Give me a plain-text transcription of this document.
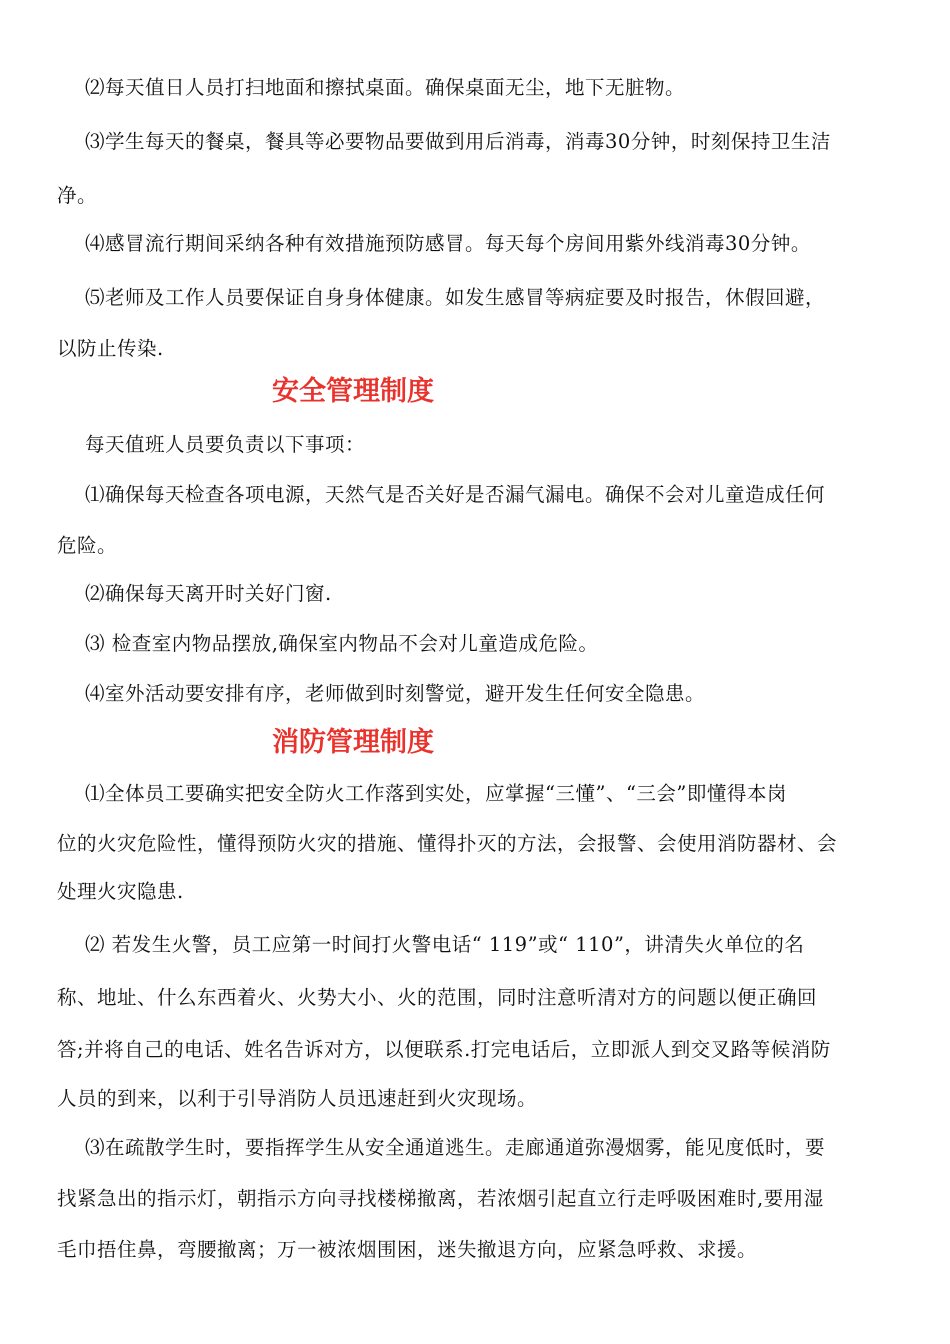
⑵每天值日人员打扫地面和擦拭桌面。确保桌面无尘，地下无脏物。

⑶学生每天的餐桌，餐具等必要物品要做到用后消毒，消毒30分钟，时刻保持卫生洁

净。

⑷感冒流行期间采纳各种有效措施预防感冒。每天每个房间用紫外线消毒30分钟。

⑸老师及工作人员要保证自身身体健康。如发生感冒等病症要及时报告，休假回避，

以防止传染.

安全管理制度

每天值班人员要负责以下事项：

⑴确保每天检查各项电源，天然气是否关好是否漏气漏电。确保不会对儿童造成任何

危险。

⑵确保每天离开时关好门窗.

⑶ 检查室内物品摆放,确保室内物品不会对儿童造成危险。

⑷室外活动要安排有序，老师做到时刻警觉，避开发生任何安全隐患。

消防管理制度

⑴全体员工要确实把安全防火工作落到实处，应掌握“三懂”、“三会”即懂得本岗

位的火灾危险性，懂得预防火灾的措施、懂得扑灭的方法，会报警、会使用消防器材、会

处理火灾隐患.

⑵ 若发生火警，员工应第一时间打火警电话“ 119”或“ 110”，讲清失火单位的名

称、地址、什么东西着火、火势大小、火的范围，同时注意听清对方的问题以便正确回

答;并将自己的电话、姓名告诉对方，以便联系.打完电话后，立即派人到交叉路等候消防

人员的到来，以利于引导消防人员迅速赶到火灾现场。

⑶在疏散学生时，要指挥学生从安全通道逃生。走廊通道弥漫烟雾，能见度低时，要

找紧急出的指示灯，朝指示方向寻找楼梯撤离，若浓烟引起直立行走呼吸困难时,要用湿

毛巾捂住鼻，弯腰撤离；万一被浓烟围困，迷失撤退方向，应紧急呼救、求援。
